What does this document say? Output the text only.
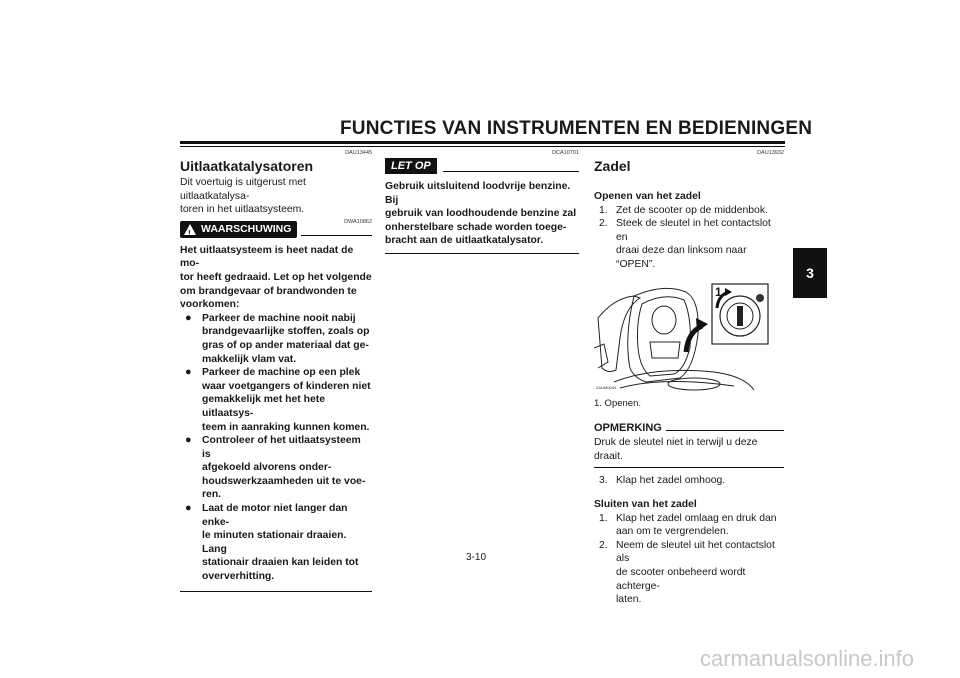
FUNCTIES VAN INSTRUMENTEN EN BEDIENINGEN
3
DAU13445
Uitlaatkatalysatoren
Dit voertuig is uitgerust met uitlaatkatalysa-
toren in het uitlaatsysteem.
! WAARSCHUWING
DWA10862
Het uitlaatsysteem is heet nadat de mo-
tor heeft gedraaid. Let op het volgende
om brandgevaar of brandwonden te
voorkomen:
● Parkeer de machine nooit nabij
brandgevaarlijke stoffen, zoals op
gras of op ander materiaal dat ge-
makkelijk vlam vat.
● Parkeer de machine op een plek
waar voetgangers of kinderen niet
gemakkelijk met het hete uitlaatsys-
teem in aanraking kunnen komen.
● Controleer of het uitlaatsysteem is
afgekoeld alvorens onder-
houdswerkzaamheden uit te voe-
ren.
● Laat de motor niet langer dan enke-
le minuten stationair draaien. Lang
stationair draaien kan leiden tot
oververhitting.
DCA10701
LET OP
Gebruik uitsluitend loodvrije benzine. Bij
gebruik van loodhoudende benzine zal
onherstelbare schade worden toege-
bracht aan de uitlaatkatalysator.
DAU13932
Zadel
Openen van het zadel
1. Zet de scooter op de middenbok.
2. Steek de sleutel in het contactslot en
draai deze dan linksom naar “OPEN”.
1
ZAUM0044
1. Openen.
OPMERKING
Druk de sleutel niet in terwijl u deze draait.
3. Klap het zadel omhoog.
Sluiten van het zadel
1. Klap het zadel omlaag en druk dan
aan om te vergrendelen.
2. Neem de sleutel uit het contactslot als
de scooter onbeheerd wordt achterge-
laten.
3-10
carmanualsonline.info
